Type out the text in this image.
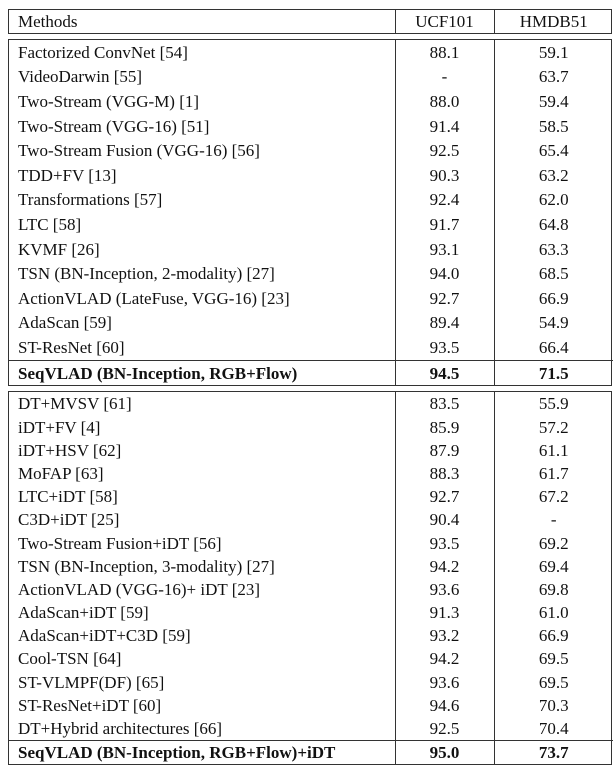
Methods	UCF101	HMDB51
Factorized ConvNet [54]	88.1	59.1
VideoDarwin [55]	-	63.7
Two-Stream (VGG-M) [1]	88.0	59.4
Two-Stream (VGG-16) [51]	91.4	58.5
Two-Stream Fusion (VGG-16) [56]	92.5	65.4
TDD+FV [13]	90.3	63.2
Transformations [57]	92.4	62.0
LTC [58]	91.7	64.8
KVMF [26]	93.1	63.3
TSN (BN-Inception, 2-modality) [27]	94.0	68.5
ActionVLAD (LateFuse, VGG-16) [23]	92.7	66.9
AdaScan [59]	89.4	54.9
ST-ResNet [60]	93.5	66.4
SeqVLAD (BN-Inception, RGB+Flow)	94.5	71.5
DT+MVSV [61]	83.5	55.9
iDT+FV [4]	85.9	57.2
iDT+HSV [62]	87.9	61.1
MoFAP [63]	88.3	61.7
LTC+iDT [58]	92.7	67.2
C3D+iDT [25]	90.4	-
Two-Stream Fusion+iDT [56]	93.5	69.2
TSN (BN-Inception, 3-modality) [27]	94.2	69.4
ActionVLAD (VGG-16)+ iDT [23]	93.6	69.8
AdaScan+iDT [59]	91.3	61.0
AdaScan+iDT+C3D [59]	93.2	66.9
Cool-TSN [64]	94.2	69.5
ST-VLMPF(DF) [65]	93.6	69.5
ST-ResNet+iDT [60]	94.6	70.3
DT+Hybrid architectures [66]	92.5	70.4
SeqVLAD (BN-Inception, RGB+Flow)+iDT	95.0	73.7
